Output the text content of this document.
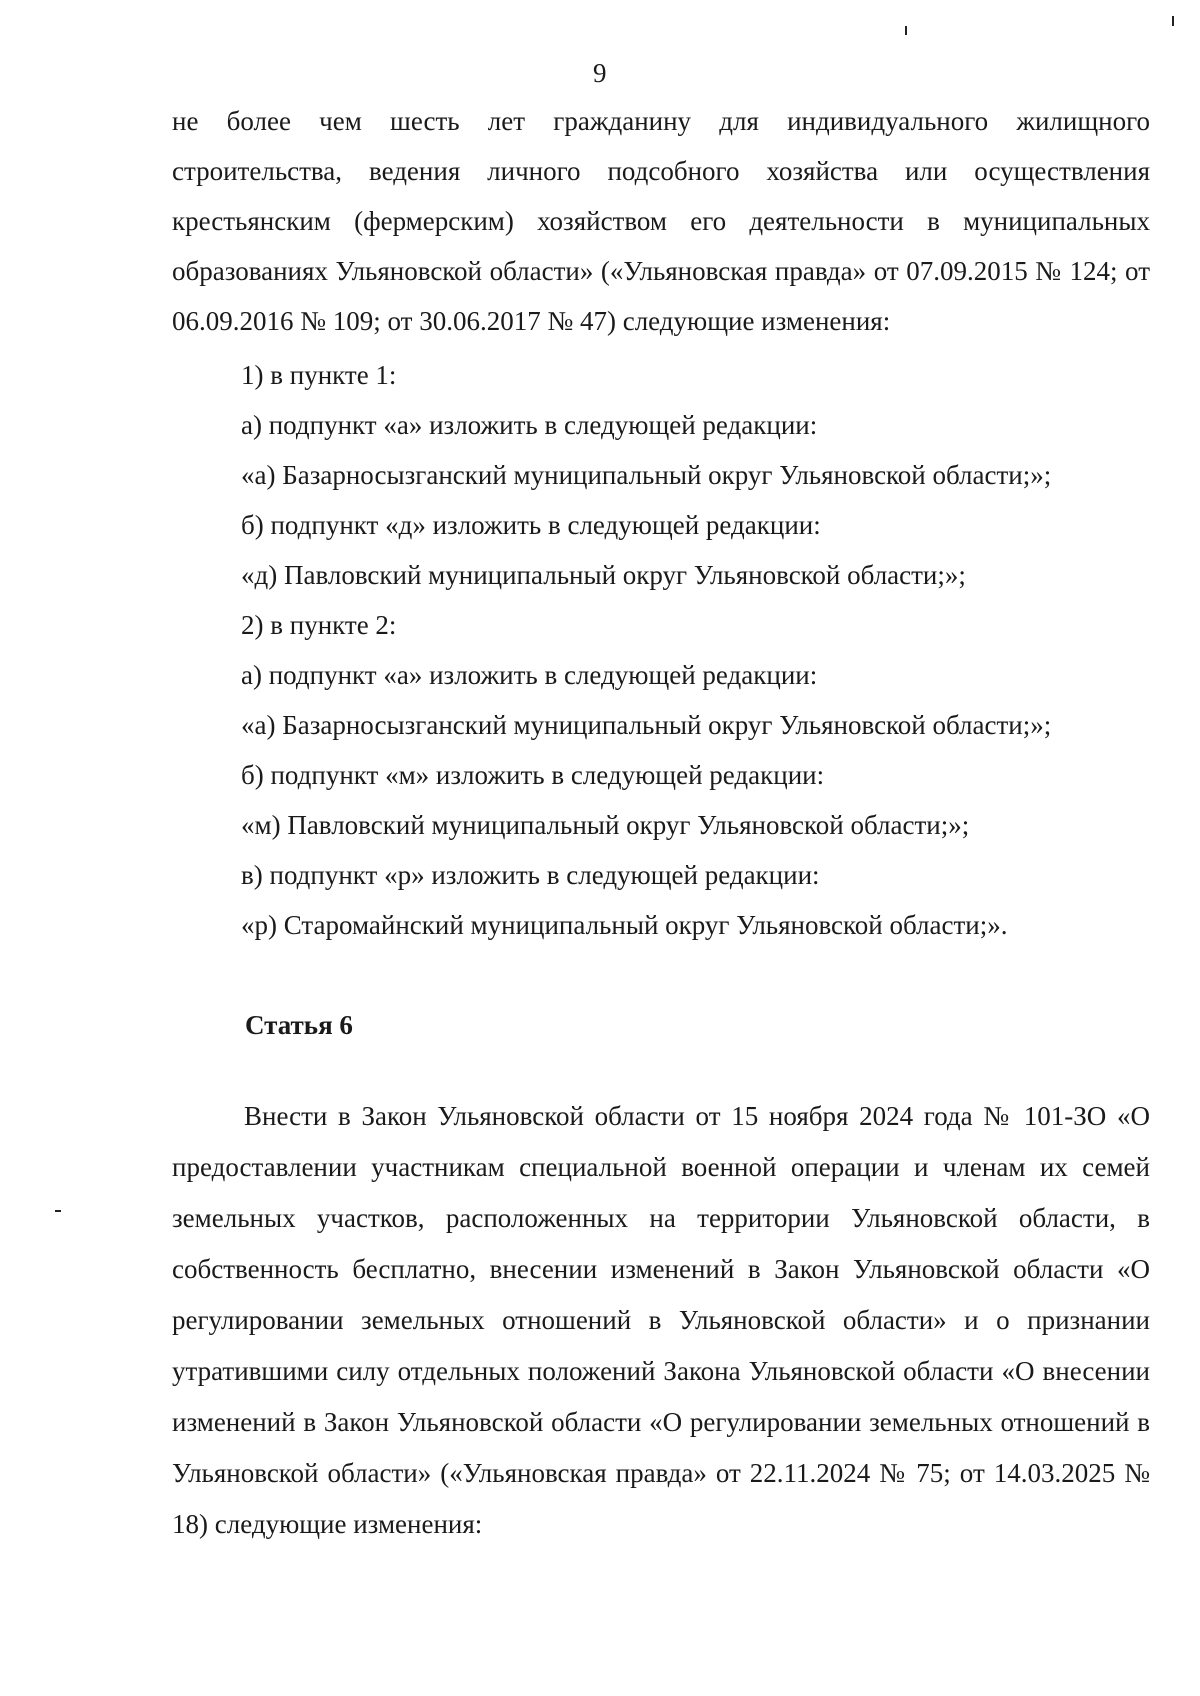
9
не более чем шесть лет гражданину для индивидуального жилищного строительства, ведения личного подсобного хозяйства или осуществления крестьянским (фермерским) хозяйством его деятельности в муниципальных образованиях Ульяновской области» («Ульяновская правда» от 07.09.2015 № 124; от 06.09.2016 № 109; от 30.06.2017 № 47) следующие изменения:
1) в пункте 1:
а) подпункт «а» изложить в следующей редакции:
«а) Базарносызганский муниципальный округ Ульяновской области;»;
б) подпункт «д» изложить в следующей редакции:
«д) Павловский муниципальный округ Ульяновской области;»;
2) в пункте 2:
а) подпункт «а» изложить в следующей редакции:
«а) Базарносызганский муниципальный округ Ульяновской области;»;
б) подпункт «м» изложить в следующей редакции:
«м) Павловский муниципальный округ Ульяновской области;»;
в) подпункт «р» изложить в следующей редакции:
«р) Старомайнский муниципальный округ Ульяновской области;».
Статья 6
Внести в Закон Ульяновской области от 15 ноября 2024 года № 101-ЗО «О предоставлении участникам специальной военной операции и членам их семей земельных участков, расположенных на территории Ульяновской области, в собственность бесплатно, внесении изменений в Закон Ульяновской области «О регулировании земельных отношений в Ульяновской области» и о признании утратившими силу отдельных положений Закона Ульяновской области «О внесении изменений в Закон Ульяновской области «О регулировании земельных отношений в Ульяновской области» («Ульяновская правда» от 22.11.2024 № 75; от 14.03.2025 № 18) следующие изменения:
